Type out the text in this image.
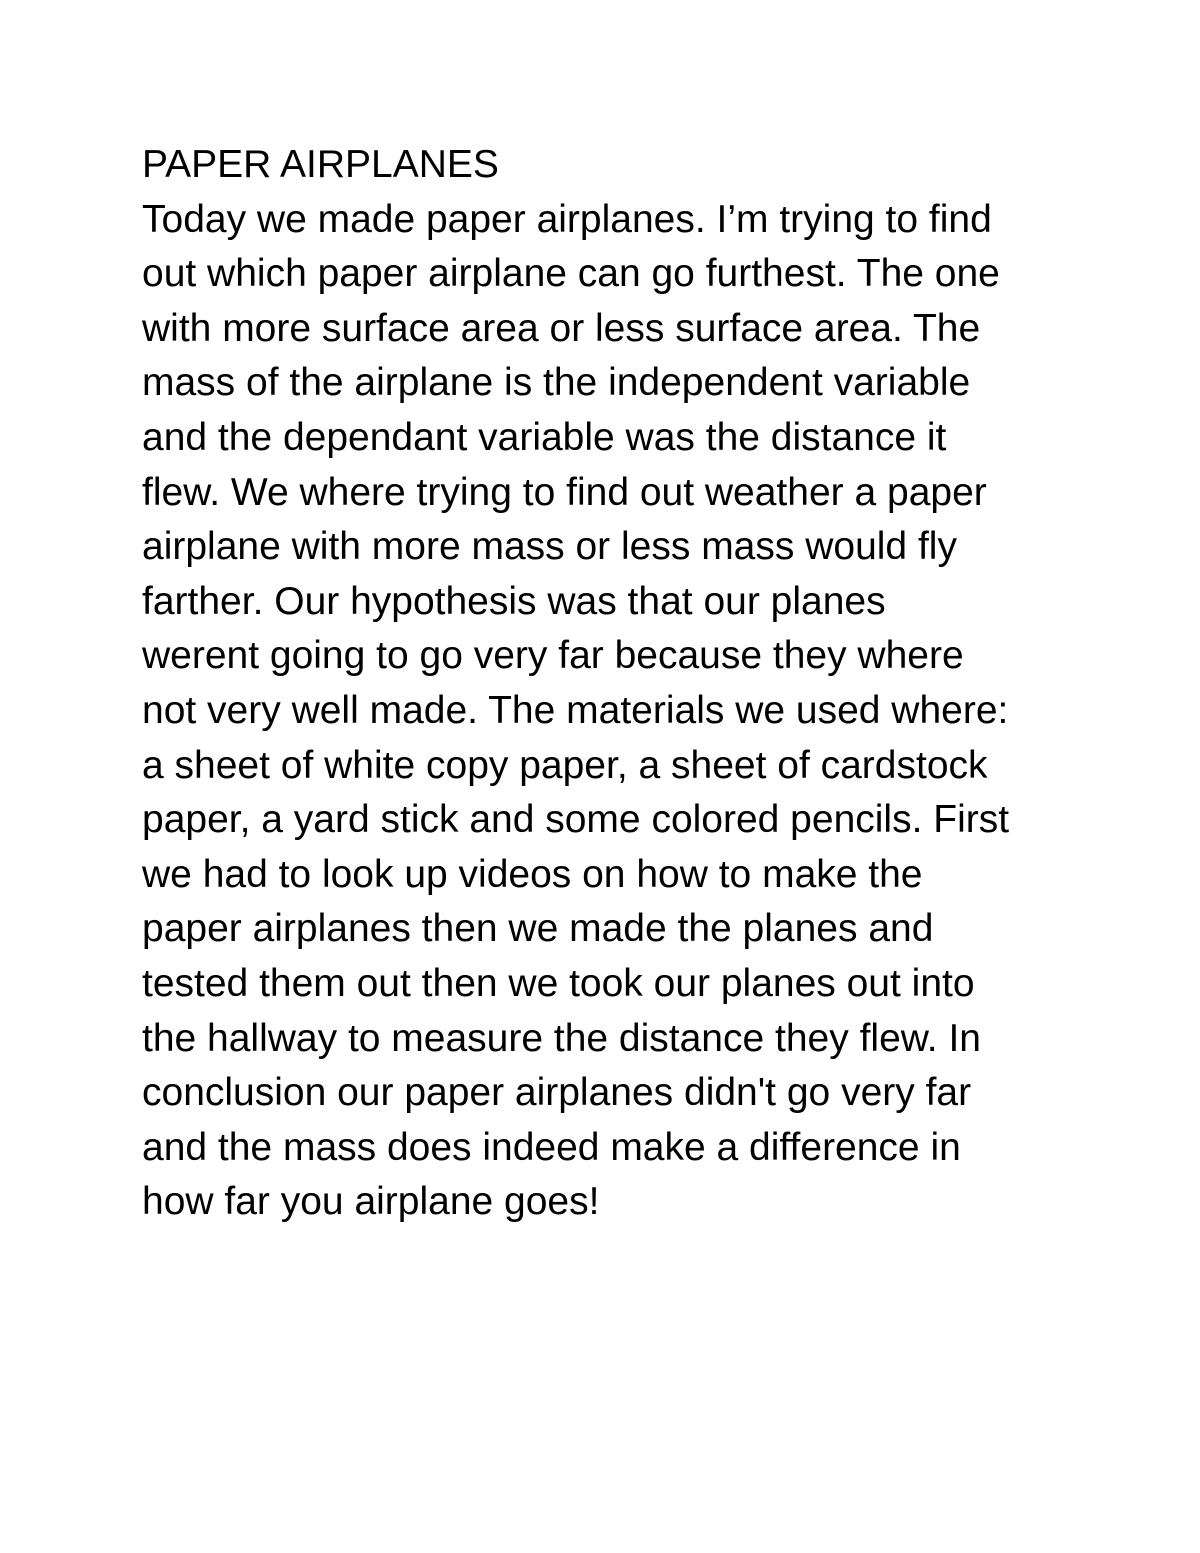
PAPER AIRPLANES
Today we made paper airplanes. I’m trying to find
out which paper airplane can go furthest. The one
with more surface area or less surface area. The
mass of the airplane is the independent variable
and the dependant variable was the distance it
flew. We where trying to find out weather a paper
airplane with more mass or less mass would fly
farther. Our hypothesis was that our planes
werent going to go very far because they where
not very well made. The materials we used where:
a sheet of white copy paper, a sheet of cardstock
paper, a yard stick and some colored pencils. First
we had to look up videos on how to make the
paper airplanes then we made the planes and
tested them out then we took our planes out into
the hallway to measure the distance they flew. In
conclusion our paper airplanes didn't go very far
and the mass does indeed make a difference in
how far you airplane goes!
